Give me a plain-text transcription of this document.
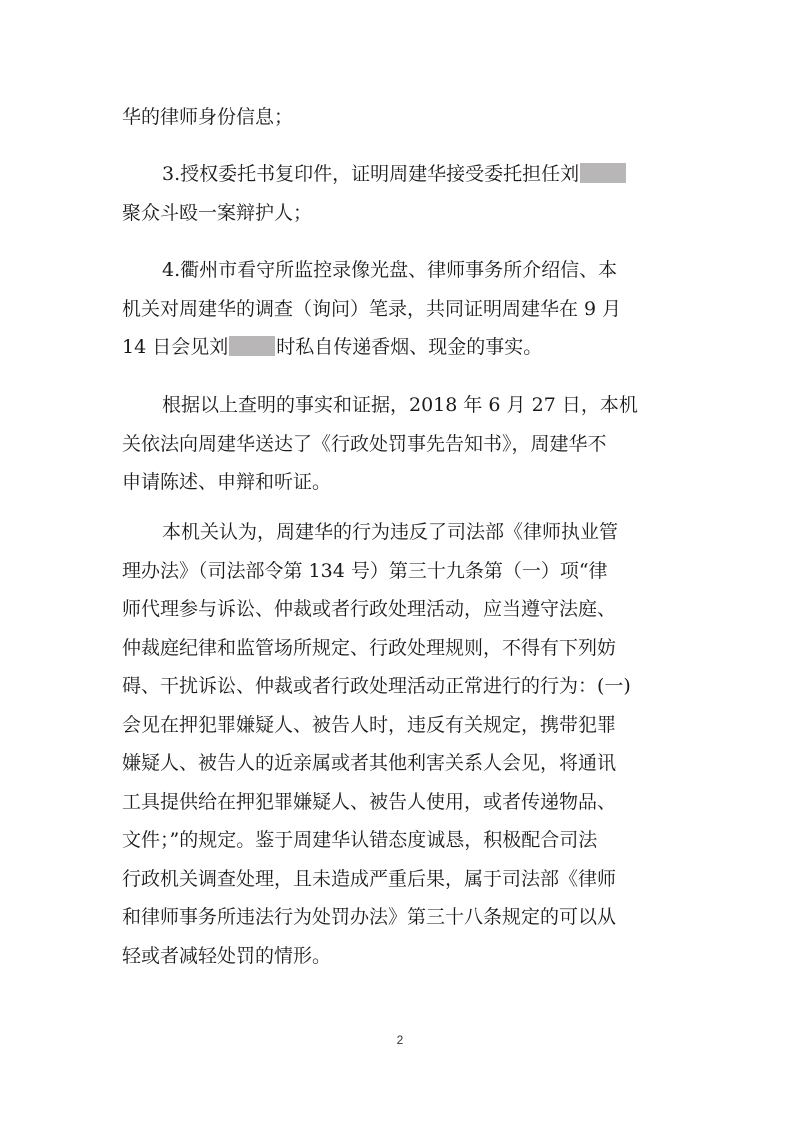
华的律师身份信息；
3.授权委托书复印件，证明周建华接受委托担任刘
聚众斗殴一案辩护人；
4.衢州市看守所监控录像光盘、律师事务所介绍信、本
机关对周建华的调查（询问）笔录，共同证明周建华在 9 月
14 日会见刘	时私自传递香烟、现金的事实。
根据以上查明的事实和证据，2018 年 6 月 27 日，本机
关依法向周建华送达了《行政处罚事先告知书》，周建华不
申请陈述、申辩和听证。
本机关认为，周建华的行为违反了司法部《律师执业管
理办法》（司法部令第 134 号）第三十九条第（一）项“律
师代理参与诉讼、仲裁或者行政处理活动，应当遵守法庭、
仲裁庭纪律和监管场所规定、行政处理规则，不得有下列妨
碍、干扰诉讼、仲裁或者行政处理活动正常进行的行为：(一)
会见在押犯罪嫌疑人、被告人时，违反有关规定，携带犯罪
嫌疑人、被告人的近亲属或者其他利害关系人会见，将通讯
工具提供给在押犯罪嫌疑人、被告人使用，或者传递物品、
文件；”的规定。鉴于周建华认错态度诚恳，积极配合司法
行政机关调查处理，且未造成严重后果，属于司法部《律师
和律师事务所违法行为处罚办法》第三十八条规定的可以从
轻或者减轻处罚的情形。
2
